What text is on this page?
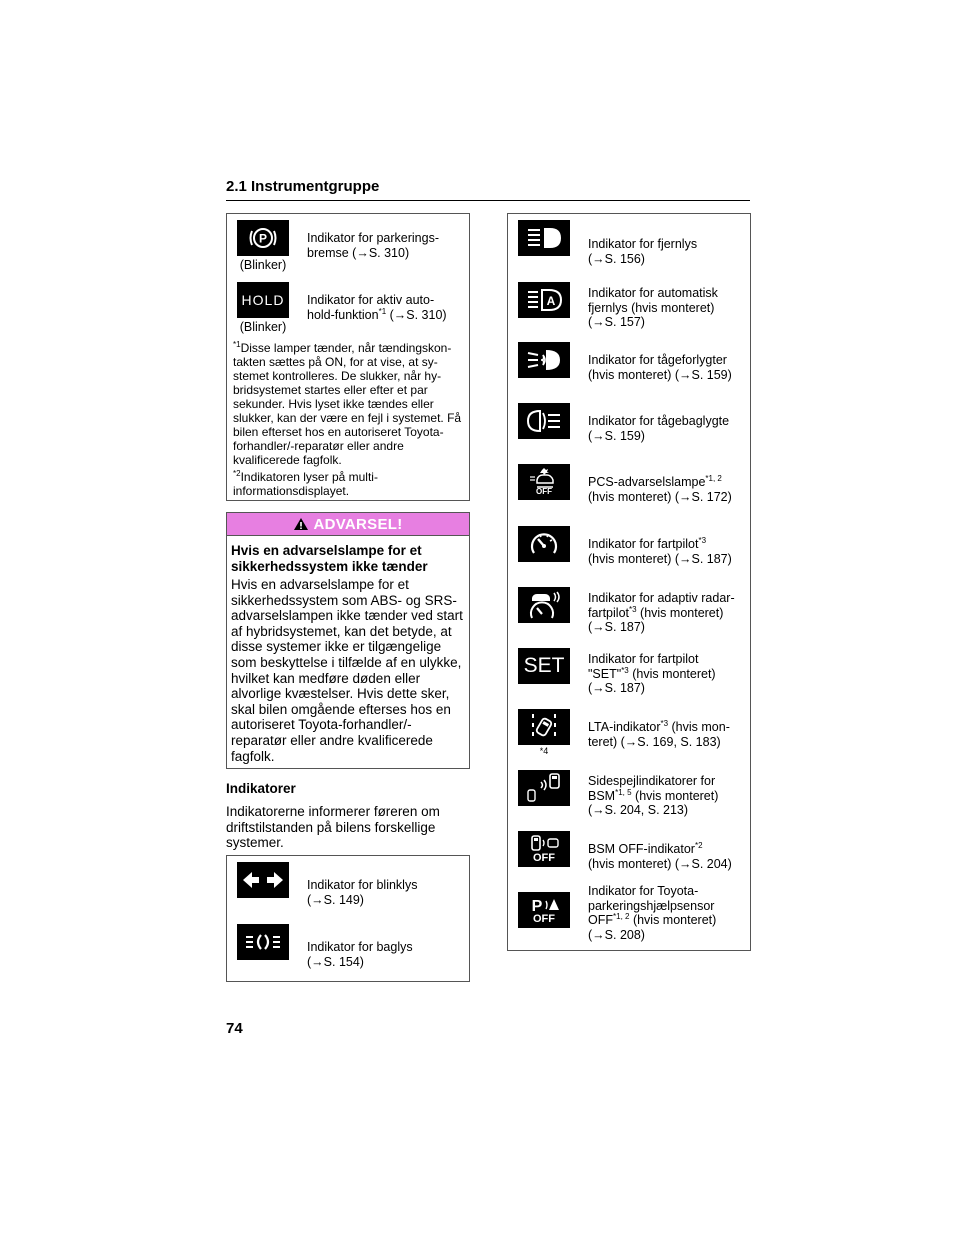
2.1 Instrumentgruppe
P
(Blinker)
Indikator for parkerings-
bremse (→S. 310)
HOLD
(Blinker)
Indikator for aktiv auto-
hold-funktion$^{*1}$ (→S. 310)
$^{*1}$Disse lamper tænder, når tændingskon-takten sættes på ON, for at vise, at sy-stemet kontrolleres. De slukker, når hy-bridsystemet startes eller efter et par sekunder. Hvis lyset ikke tændes eller slukker, kan der være en fejl i systemet. Få bilen efterset hos en autoriseret Toyota-forhandler/-reparatør eller andre kvalificerede fagfolk.
$^{*2}$Indikatoren lyser på multi-informationsdisplayet.
ADVARSEL!
Hvis en advarselslampe for et sikkerhedssystem ikke tænder
Hvis en advarselslampe for et sikkerhedssystem som ABS- og SRS-advarselslampen ikke tænder ved start af hybridsystemet, kan det betyde, at disse systemer ikke er tilgængelige som beskyttelse i tilfælde af en ulykke, hvilket kan medføre døden eller alvorlige kvæstelser. Hvis dette sker, skal bilen omgående efterses hos en autoriseret Toyota-forhandler/-reparatør eller andre kvalificerede fagfolk.
Indikatorer
Indikatorerne informerer føreren om driftstilstanden på bilens forskellige systemer.
Indikator for blinklys
(→S. 149)
Indikator for baglys
(→S. 154)
Indikator for fjernlys
(→S. 156)
A
Indikator for automatisk
fjernlys (hvis monteret)
(→S. 157)
Indikator for tågeforlygter
(hvis monteret) (→S. 159)
Indikator for tågebaglygte
(→S. 159)
OFF
PCS-advarselslampe$^{*1, 2}$
(hvis monteret) (→S. 172)
Indikator for fartpilot$^{*3}$
(hvis monteret) (→S. 187)
Indikator for adaptiv radar-
fartpilot$^{*3}$ (hvis monteret)
(→S. 187)
SET Indikator for fartpilot
"SET"$^{*3}$ (hvis monteret)
(→S. 187)
*4
LTA-indikator$^{*3}$ (hvis mon-
teret) (→S. 169, S. 183)
Sidespejlindikatorer for
BSM$^{*1, 5}$ (hvis monteret)
(→S. 204, S. 213)
OFF
BSM OFF-indikator$^{*2}$
(hvis monteret) (→S. 204)
P
OFF
Indikator for Toyota-
parkeringshjælpsensor
OFF$^{*1, 2}$ (hvis monteret)
(→S. 208)
74
